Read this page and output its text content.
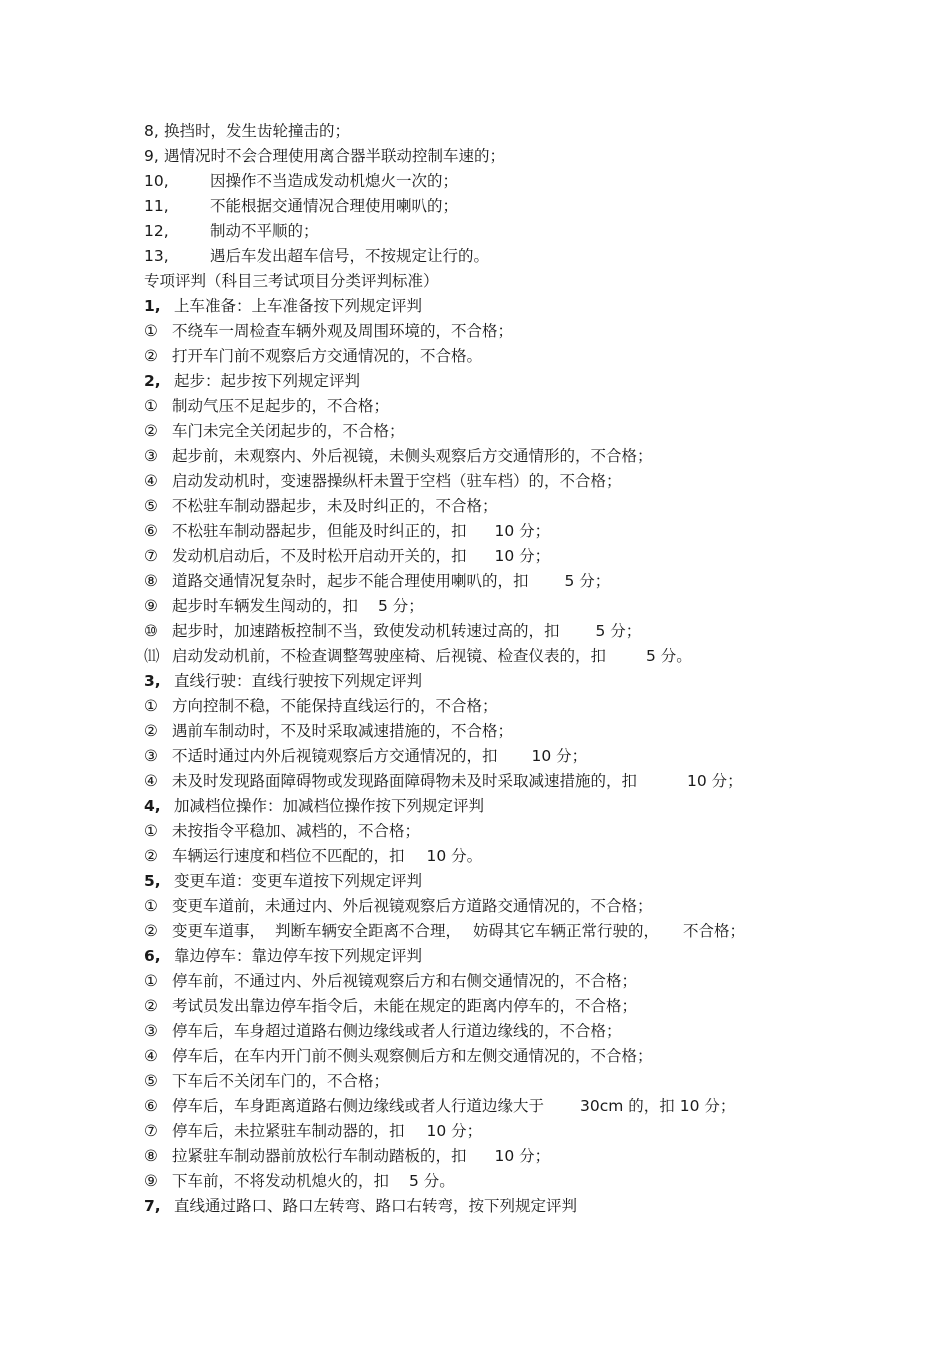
8, 换挡时，发生齿轮撞击的；
9, 遇情况时不会合理使用离合器半联动控制车速的；
10,	因操作不当造成发动机熄火一次的；
11,	不能根据交通情况合理使用喇叭的；
12,	制动不平顺的；
13,	遇后车发出超车信号，不按规定让行的。
专项评判（科目三考试项目分类评判标准）
1, 上车准备：上车准备按下列规定评判
① 不绕车一周检查车辆外观及周围环境的，不合格；
② 打开车门前不观察后方交通情况的，不合格。
2, 起步：起步按下列规定评判
① 制动气压不足起步的，不合格；
② 车门未完全关闭起步的，不合格；
③ 起步前，未观察内、外后视镜，未侧头观察后方交通情形的，不合格；
④ 启动发动机时，变速器操纵杆未置于空档（驻车档）的，不合格；
⑤ 不松驻车制动器起步，未及时纠正的，不合格；
⑥ 不松驻车制动器起步，但能及时纠正的，扣 10 分；
⑦ 发动机启动后，不及时松开启动开关的，扣 10 分；
⑧ 道路交通情况复杂时，起步不能合理使用喇叭的，扣 5 分；
⑨ 起步时车辆发生闯动的，扣 5 分；
⑩ 起步时，加速踏板控制不当，致使发动机转速过高的，扣 5 分；
⑾ 启动发动机前，不检查调整驾驶座椅、后视镜、检查仪表的，扣	5 分。
3, 直线行驶：直线行驶按下列规定评判
① 方向控制不稳，不能保持直线运行的，不合格；
② 遇前车制动时，不及时采取减速措施的，不合格；
③ 不适时通过内外后视镜观察后方交通情况的，扣 10 分；
④ 未及时发现路面障碍物或发现路面障碍物未及时采取减速措施的，扣	10 分；
4, 加减档位操作：加减档位操作按下列规定评判
① 未按指令平稳加、减档的，不合格；
② 车辆运行速度和档位不匹配的，扣 10 分。
5, 变更车道：变更车道按下列规定评判
① 变更车道前，未通过内、外后视镜观察后方道路交通情况的，不合格；
② 变更车道事， 判断车辆安全距离不合理， 妨碍其它车辆正常行驶的， 不合格；
6, 靠边停车：靠边停车按下列规定评判
① 停车前，不通过内、外后视镜观察后方和右侧交通情况的，不合格；
② 考试员发出靠边停车指令后，未能在规定的距离内停车的，不合格；
③ 停车后，车身超过道路右侧边缘线或者人行道边缘线的，不合格；
④ 停车后，在车内开门前不侧头观察侧后方和左侧交通情况的，不合格；
⑤ 下车后不关闭车门的，不合格；
⑥ 停车后，车身距离道路右侧边缘线或者人行道边缘大于 30cm 的，扣 10 分；
⑦ 停车后，未拉紧驻车制动器的，扣 10 分；
⑧ 拉紧驻车制动器前放松行车制动踏板的，扣 10 分；
⑨ 下车前，不将发动机熄火的，扣 5 分。
7, 直线通过路口、路口左转弯、路口右转弯，按下列规定评判
